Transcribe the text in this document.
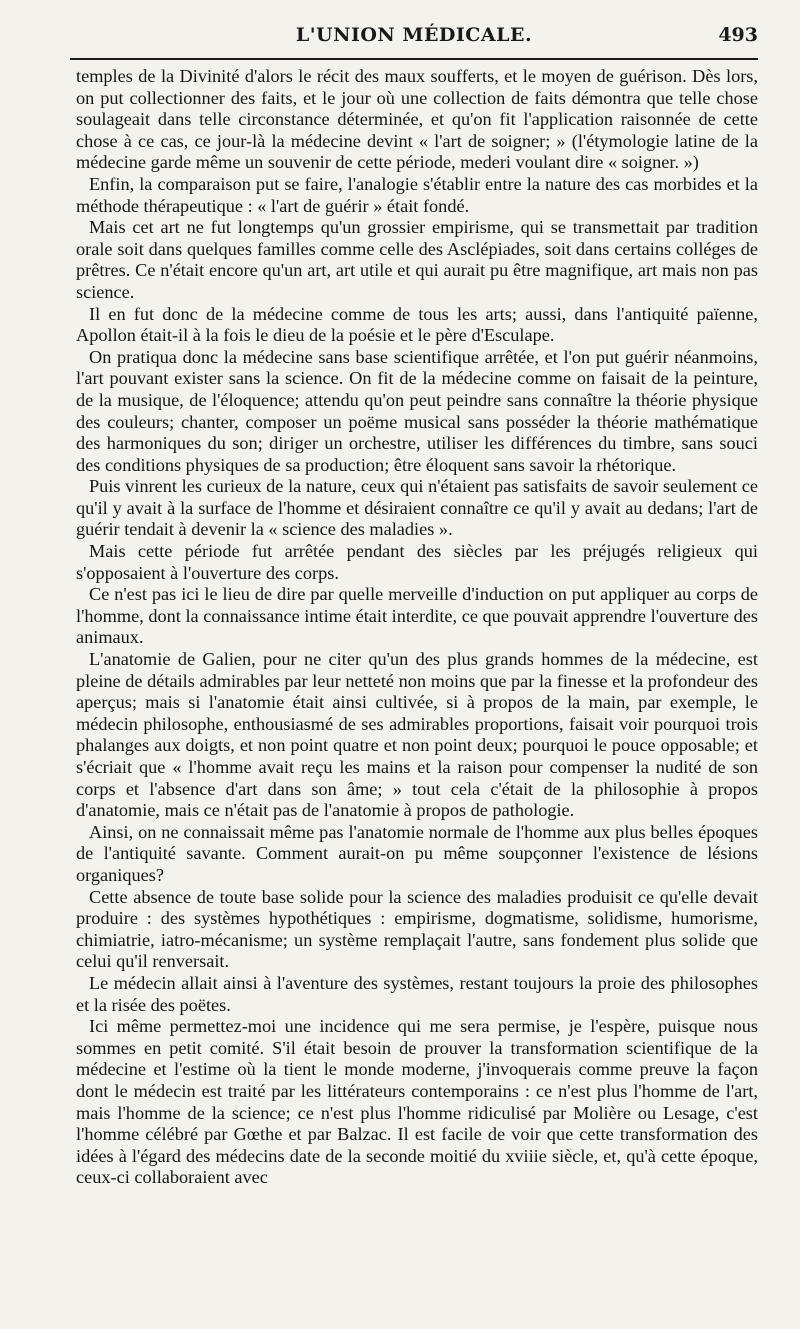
L'UNION MÉDICALE.	493

temples de la Divinité d'alors le récit des maux soufferts, et le moyen de guérison. Dès lors, on put collectionner des faits, et le jour où une collection de faits démontra que telle chose soulageait dans telle circonstance déterminée, et qu'on fit l'application raisonnée de cette chose à ce cas, ce jour-là la médecine devint « l'art de soigner; » (l'étymologie latine de la médecine garde même un souvenir de cette période, mederi voulant dire « soigner. »)

Enfin, la comparaison put se faire, l'analogie s'établir entre la nature des cas morbides et la méthode thérapeutique : « l'art de guérir » était fondé.

Mais cet art ne fut longtemps qu'un grossier empirisme, qui se transmettait par tradition orale soit dans quelques familles comme celle des Asclépiades, soit dans certains colléges de prêtres. Ce n'était encore qu'un art, art utile et qui aurait pu être magnifique, art mais non pas science.

Il en fut donc de la médecine comme de tous les arts; aussi, dans l'antiquité païenne, Apollon était-il à la fois le dieu de la poésie et le père d'Esculape.

On pratiqua donc la médecine sans base scientifique arrêtée, et l'on put guérir néanmoins, l'art pouvant exister sans la science. On fit de la médecine comme on faisait de la peinture, de la musique, de l'éloquence; attendu qu'on peut peindre sans connaître la théorie physique des couleurs; chanter, composer un poëme musical sans posséder la théorie mathématique des harmoniques du son; diriger un orchestre, utiliser les différences du timbre, sans souci des conditions physiques de sa production; être éloquent sans savoir la rhétorique.

Puis vinrent les curieux de la nature, ceux qui n'étaient pas satisfaits de savoir seulement ce qu'il y avait à la surface de l'homme et désiraient connaître ce qu'il y avait au dedans; l'art de guérir tendait à devenir la « science des maladies ».

Mais cette période fut arrêtée pendant des siècles par les préjugés religieux qui s'opposaient à l'ouverture des corps.

Ce n'est pas ici le lieu de dire par quelle merveille d'induction on put appliquer au corps de l'homme, dont la connaissance intime était interdite, ce que pouvait apprendre l'ouverture des animaux.

L'anatomie de Galien, pour ne citer qu'un des plus grands hommes de la médecine, est pleine de détails admirables par leur netteté non moins que par la finesse et la profondeur des aperçus; mais si l'anatomie était ainsi cultivée, si à propos de la main, par exemple, le médecin philosophe, enthousiasmé de ses admirables proportions, faisait voir pourquoi trois phalanges aux doigts, et non point quatre et non point deux; pourquoi le pouce opposable; et s'écriait que « l'homme avait reçu les mains et la raison pour compenser la nudité de son corps et l'absence d'art dans son âme; » tout cela c'était de la philosophie à propos d'anatomie, mais ce n'était pas de l'anatomie à propos de pathologie.

Ainsi, on ne connaissait même pas l'anatomie normale de l'homme aux plus belles époques de l'antiquité savante. Comment aurait-on pu même soupçonner l'existence de lésions organiques?

Cette absence de toute base solide pour la science des maladies produisit ce qu'elle devait produire : des systèmes hypothétiques : empirisme, dogmatisme, solidisme, humorisme, chimiatrie, iatro-mécanisme; un système remplaçait l'autre, sans fondement plus solide que celui qu'il renversait.

Le médecin allait ainsi à l'aventure des systèmes, restant toujours la proie des philosophes et la risée des poëtes.

Ici même permettez-moi une incidence qui me sera permise, je l'espère, puisque nous sommes en petit comité. S'il était besoin de prouver la transformation scientifique de la médecine et l'estime où la tient le monde moderne, j'invoquerais comme preuve la façon dont le médecin est traité par les littérateurs contemporains : ce n'est plus l'homme de l'art, mais l'homme de la science; ce n'est plus l'homme ridiculisé par Molière ou Lesage, c'est l'homme célébré par Gœthe et par Balzac. Il est facile de voir que cette transformation des idées à l'égard des médecins date de la seconde moitié du xviiie siècle, et, qu'à cette époque, ceux-ci collaboraient avec
